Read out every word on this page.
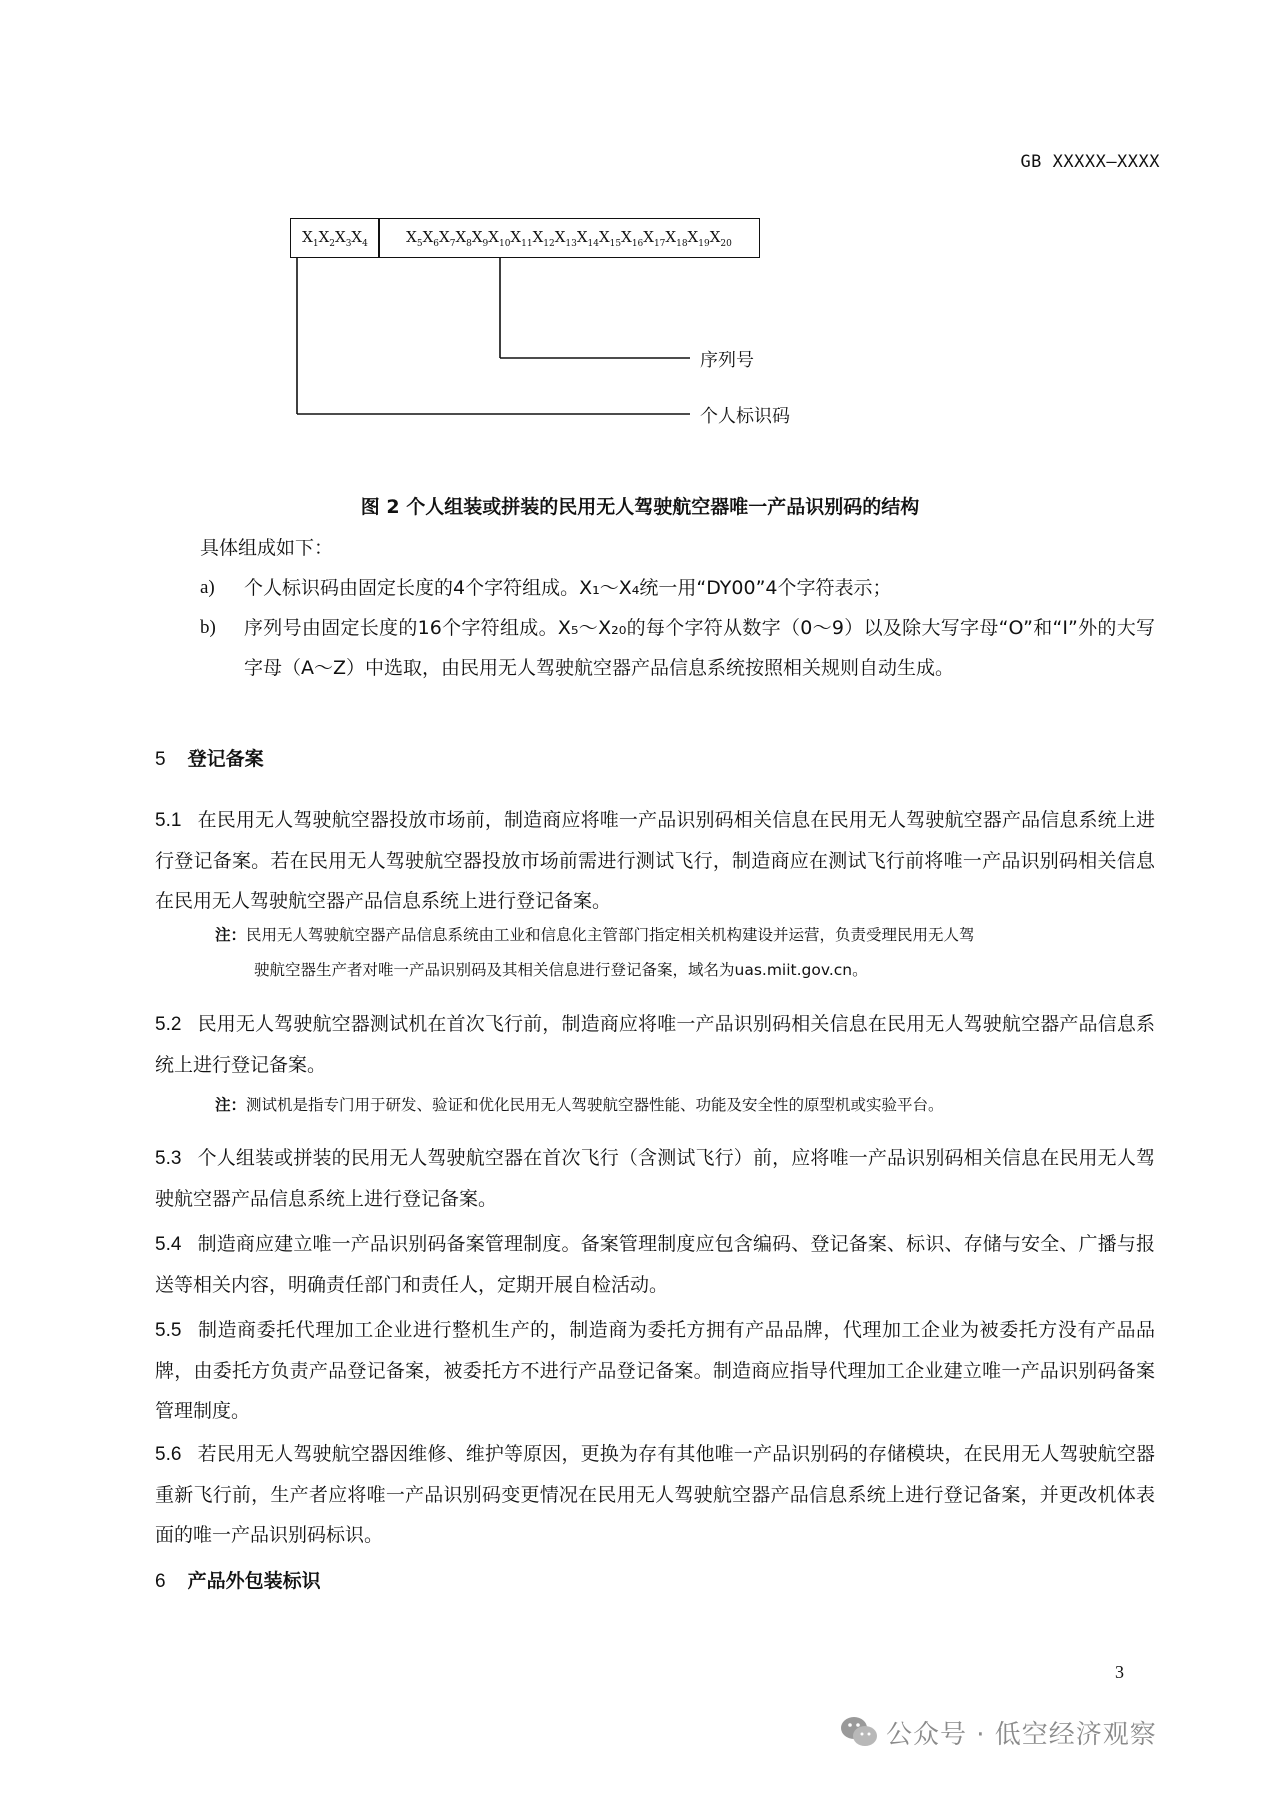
GB XXXXX—XXXX
$X_1$ $X_2$ $X_3$ $X_4$	$X_5$ $X_6$ $X_7$ $X_8$ $X_9$ $X_{10}$ $X_{11}$ $X_{12}$ $X_{13}$ $X_{14}$ $X_{15}$ $X_{16}$ $X_{17}$ $X_{18}$ $X_{19}$ $X_{20}$
序列号
个人标识码
图 2 个人组装或拼装的民用无人驾驶航空器唯一产品识别码的结构
具体组成如下：
a)	个人标识码由固定长度的4个字符组成。X₁～X₄统一用“DY00”4个字符表示；
b)	序列号由固定长度的16个字符组成。X₅～X₂₀的每个字符从数字（0～9）以及除大写字母“O”和“I”外的大写字母（A～Z）中选取，由民用无人驾驶航空器产品信息系统按照相关规则自动生成。
5 登记备案
5.1 在民用无人驾驶航空器投放市场前，制造商应将唯一产品识别码相关信息在民用无人驾驶航空器产品信息系统上进行登记备案。若在民用无人驾驶航空器投放市场前需进行测试飞行，制造商应在测试飞行前将唯一产品识别码相关信息在民用无人驾驶航空器产品信息系统上进行登记备案。
注：民用无人驾驶航空器产品信息系统由工业和信息化主管部门指定相关机构建设并运营，负责受理民用无人驾
驶航空器生产者对唯一产品识别码及其相关信息进行登记备案，域名为uas.miit.gov.cn。
5.2 民用无人驾驶航空器测试机在首次飞行前，制造商应将唯一产品识别码相关信息在民用无人驾驶航空器产品信息系统上进行登记备案。
注：测试机是指专门用于研发、验证和优化民用无人驾驶航空器性能、功能及安全性的原型机或实验平台。
5.3 个人组装或拼装的民用无人驾驶航空器在首次飞行（含测试飞行）前，应将唯一产品识别码相关信息在民用无人驾驶航空器产品信息系统上进行登记备案。
5.4 制造商应建立唯一产品识别码备案管理制度。备案管理制度应包含编码、登记备案、标识、存储与安全、广播与报送等相关内容，明确责任部门和责任人，定期开展自检活动。
5.5 制造商委托代理加工企业进行整机生产的，制造商为委托方拥有产品品牌，代理加工企业为被委托方没有产品品牌，由委托方负责产品登记备案，被委托方不进行产品登记备案。制造商应指导代理加工企业建立唯一产品识别码备案管理制度。
5.6 若民用无人驾驶航空器因维修、维护等原因，更换为存有其他唯一产品识别码的存储模块，在民用无人驾驶航空器重新飞行前，生产者应将唯一产品识别码变更情况在民用无人驾驶航空器产品信息系统上进行登记备案，并更改机体表面的唯一产品识别码标识。
6 产品外包装标识
3
公众号 · 低空经济观察
